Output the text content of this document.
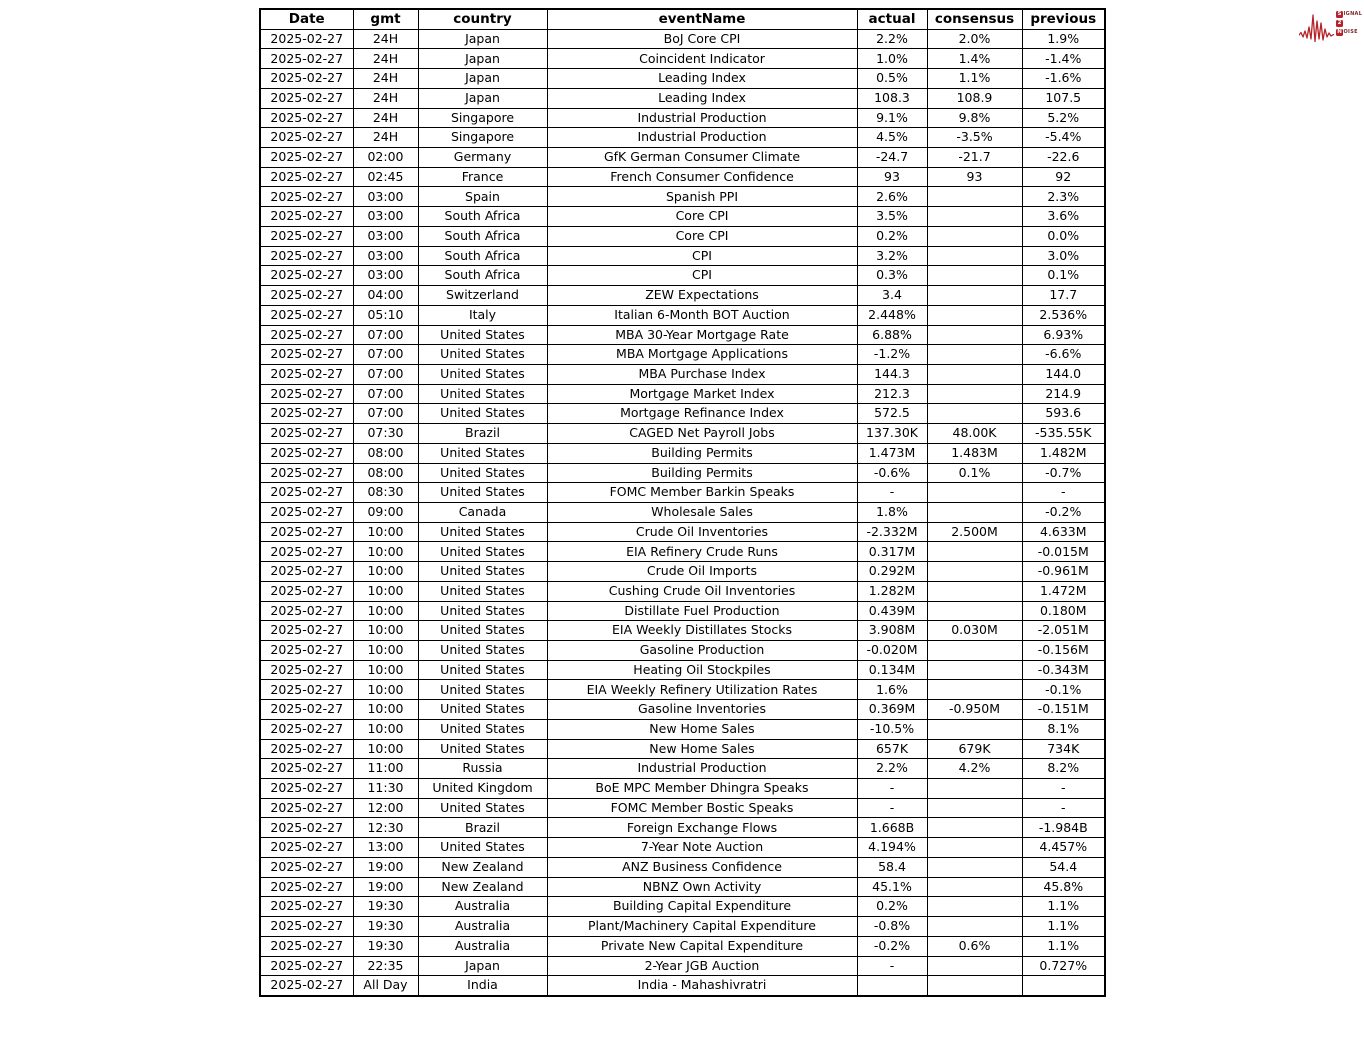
Date	gmt	country	eventName	actual	consensus	previous
2025-02-27	24H	Japan	BoJ Core CPI	2.2%	2.0%	1.9%
2025-02-27	24H	Japan	Coincident Indicator	1.0%	1.4%	-1.4%
2025-02-27	24H	Japan	Leading Index	0.5%	1.1%	-1.6%
2025-02-27	24H	Japan	Leading Index	108.3	108.9	107.5
2025-02-27	24H	Singapore	Industrial Production	9.1%	9.8%	5.2%
2025-02-27	24H	Singapore	Industrial Production	4.5%	-3.5%	-5.4%
2025-02-27	02:00	Germany	GfK German Consumer Climate	-24.7	-21.7	-22.6
2025-02-27	02:45	France	French Consumer Confidence	93	93	92
2025-02-27	03:00	Spain	Spanish PPI	2.6%		2.3%
2025-02-27	03:00	South Africa	Core CPI	3.5%		3.6%
2025-02-27	03:00	South Africa	Core CPI	0.2%		0.0%
2025-02-27	03:00	South Africa	CPI	3.2%		3.0%
2025-02-27	03:00	South Africa	CPI	0.3%		0.1%
2025-02-27	04:00	Switzerland	ZEW Expectations	3.4		17.7
2025-02-27	05:10	Italy	Italian 6-Month BOT Auction	2.448%		2.536%
2025-02-27	07:00	United States	MBA 30-Year Mortgage Rate	6.88%		6.93%
2025-02-27	07:00	United States	MBA Mortgage Applications	-1.2%		-6.6%
2025-02-27	07:00	United States	MBA Purchase Index	144.3		144.0
2025-02-27	07:00	United States	Mortgage Market Index	212.3		214.9
2025-02-27	07:00	United States	Mortgage Refinance Index	572.5		593.6
2025-02-27	07:30	Brazil	CAGED Net Payroll Jobs	137.30K	48.00K	-535.55K
2025-02-27	08:00	United States	Building Permits	1.473M	1.483M	1.482M
2025-02-27	08:00	United States	Building Permits	-0.6%	0.1%	-0.7%
2025-02-27	08:30	United States	FOMC Member Barkin Speaks	-		-
2025-02-27	09:00	Canada	Wholesale Sales	1.8%		-0.2%
2025-02-27	10:00	United States	Crude Oil Inventories	-2.332M	2.500M	4.633M
2025-02-27	10:00	United States	EIA Refinery Crude Runs	0.317M		-0.015M
2025-02-27	10:00	United States	Crude Oil Imports	0.292M		-0.961M
2025-02-27	10:00	United States	Cushing Crude Oil Inventories	1.282M		1.472M
2025-02-27	10:00	United States	Distillate Fuel Production	0.439M		0.180M
2025-02-27	10:00	United States	EIA Weekly Distillates Stocks	3.908M	0.030M	-2.051M
2025-02-27	10:00	United States	Gasoline Production	-0.020M		-0.156M
2025-02-27	10:00	United States	Heating Oil Stockpiles	0.134M		-0.343M
2025-02-27	10:00	United States	EIA Weekly Refinery Utilization Rates	1.6%		-0.1%
2025-02-27	10:00	United States	Gasoline Inventories	0.369M	-0.950M	-0.151M
2025-02-27	10:00	United States	New Home Sales	-10.5%		8.1%
2025-02-27	10:00	United States	New Home Sales	657K	679K	734K
2025-02-27	11:00	Russia	Industrial Production	2.2%	4.2%	8.2%
2025-02-27	11:30	United Kingdom	BoE MPC Member Dhingra Speaks	-		-
2025-02-27	12:00	United States	FOMC Member Bostic Speaks	-		-
2025-02-27	12:30	Brazil	Foreign Exchange Flows	1.668B		-1.984B
2025-02-27	13:00	United States	7-Year Note Auction	4.194%		4.457%
2025-02-27	19:00	New Zealand	ANZ Business Confidence	58.4		54.4
2025-02-27	19:00	New Zealand	NBNZ Own Activity	45.1%		45.8%
2025-02-27	19:30	Australia	Building Capital Expenditure	0.2%		1.1%
2025-02-27	19:30	Australia	Plant/Machinery Capital Expenditure	-0.8%		1.1%
2025-02-27	19:30	Australia	Private New Capital Expenditure	-0.2%	0.6%	1.1%
2025-02-27	22:35	Japan	2-Year JGB Auction	-		0.727%
2025-02-27	All Day	India	India - Mahashivratri			
S IGNAL
2
N OISE
